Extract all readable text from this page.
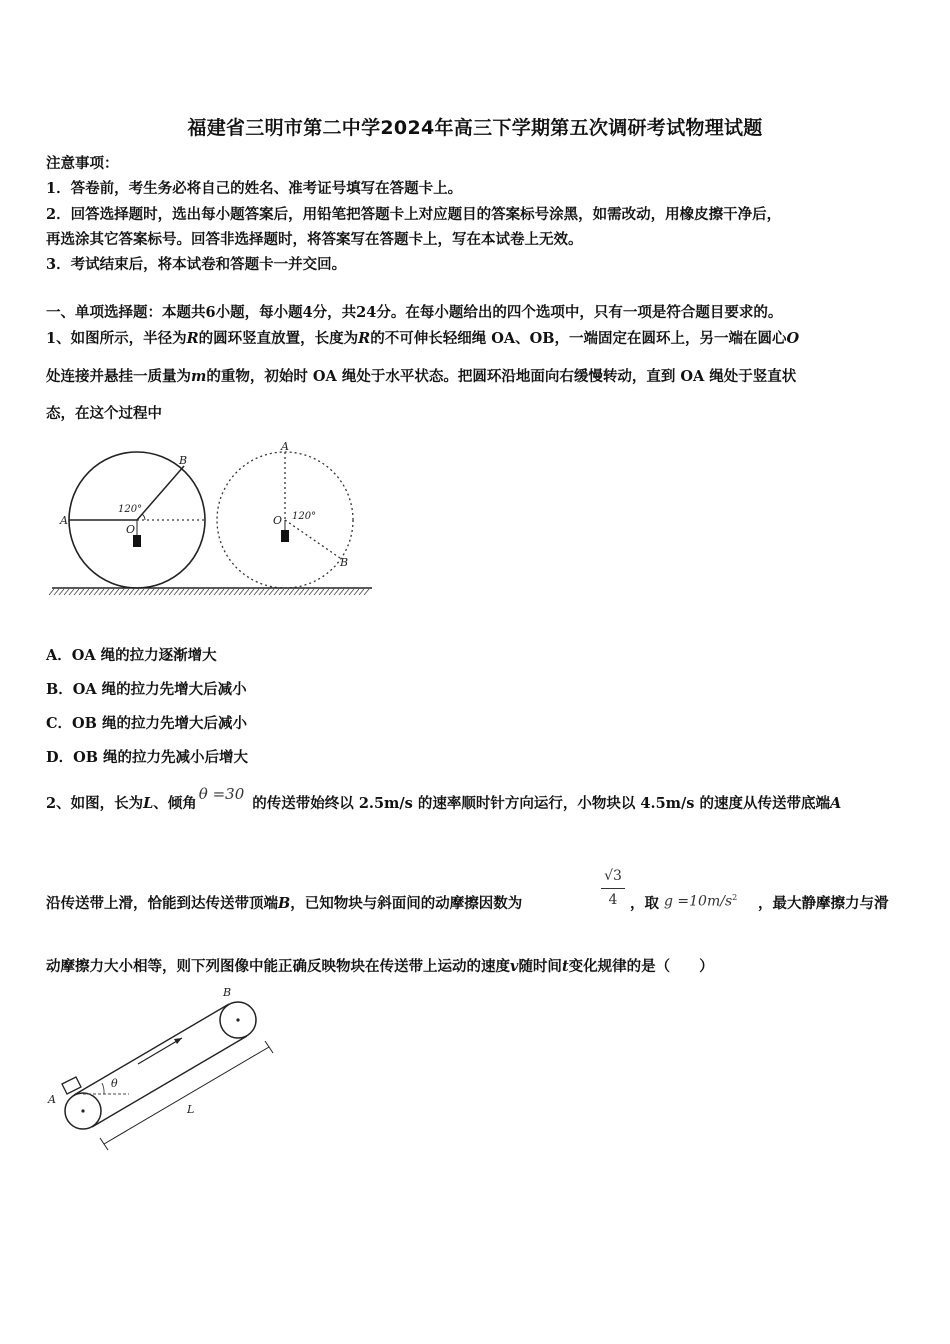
福建省三明市第二中学2024年高三下学期第五次调研考试物理试题
注意事项：
1．答卷前，考生务必将自己的姓名、准考证号填写在答题卡上。
2．回答选择题时，选出每小题答案后，用铅笔把答题卡上对应题目的答案标号涂黑，如需改动，用橡皮擦干净后，
再选涂其它答案标号。回答非选择题时，将答案写在答题卡上，写在本试卷上无效。
3．考试结束后，将本试卷和答题卡一并交回。
一、单项选择题：本题共6小题，每小题4分，共24分。在每小题给出的四个选项中，只有一项是符合题目要求的。
1、如图所示，半径为R的圆环竖直放置，长度为R的不可伸长轻细绳 OA、OB，一端固定在圆环上，另一端在圆心O
处连接并悬挂一质量为m的重物，初始时 OA 绳处于水平状态。把圆环沿地面向右缓慢转动，直到 OA 绳处于竖直状
态，在这个过程中
A
B
O
120°
A
B
O 120°
A．OA 绳的拉力逐渐增大
B．OA 绳的拉力先增大后减小
C．OB 绳的拉力先增大后减小
D．OB 绳的拉力先减小后增大
2、如图，长为L、倾角θ =30的传送带始终以 2.5m/s 的速率顺时针方向运行，小物块以 4.5m/s 的速度从传送带底端A
沿传送带上滑，恰能到达传送带顶端B，已知物块与斜面间的动摩擦因数为
√3
4 ，取 $g =10m/s^2$ ，最大静摩擦力与滑
动摩擦力大小相等，则下列图像中能正确反映物块在传送带上运动的速度v随时间t变化规律的是（　　）
A
B
θ
L
